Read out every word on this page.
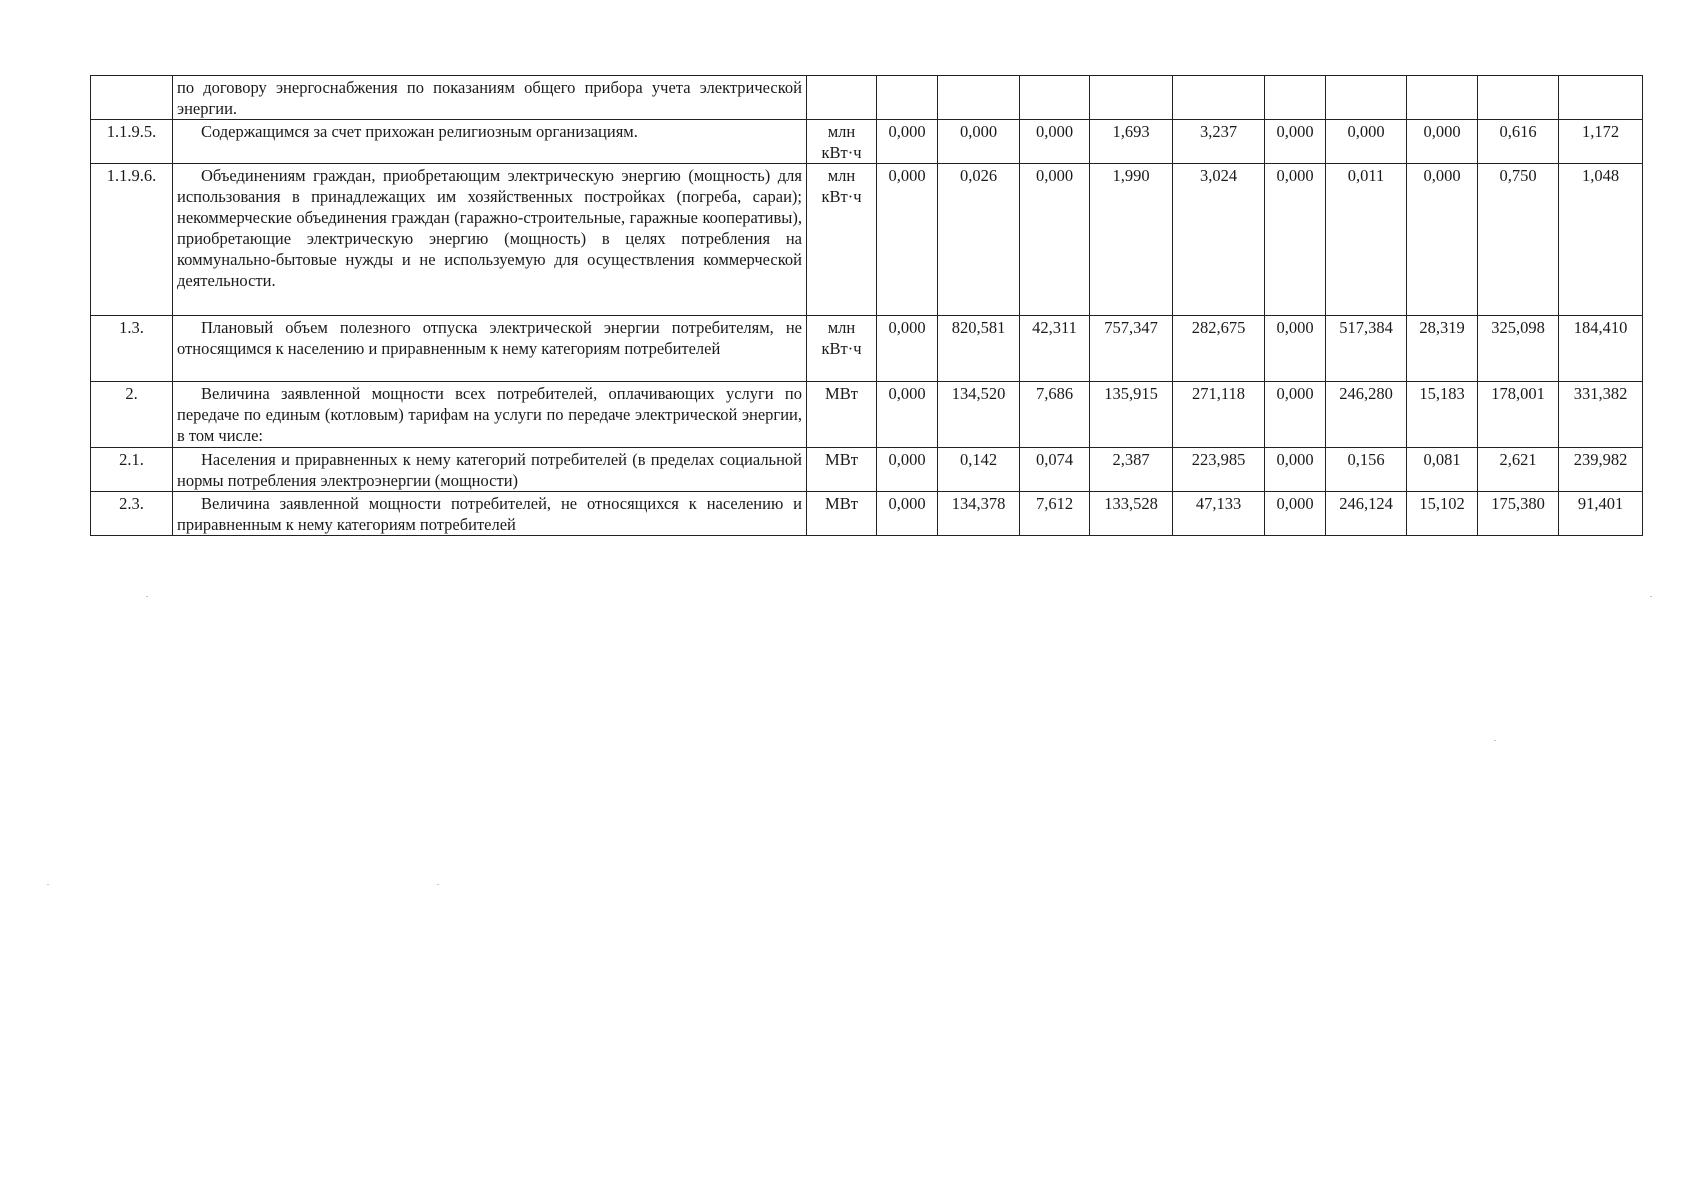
	по договору энергоснабжения по показаниям общего прибора учета электрической энергии.											
1.1.9.5.	Содержащимся за счет прихожан религиозным организациям.	млн кВт·ч	0,000	0,000	0,000	1,693	3,237	0,000	0,000	0,000	0,616	1,172
1.1.9.6.	Объединениям граждан, приобретающим электрическую энергию (мощность) для использования в принадлежащих им хозяйственных постройках (погреба, сараи); некоммерческие объединения граждан (гаражно-строительные, гаражные кооперативы), приобретающие электрическую энергию (мощность) в целях потребления на коммунально-бытовые нужды и не используемую для осуществления коммерческой деятельности.	млн кВт·ч	0,000	0,026	0,000	1,990	3,024	0,000	0,011	0,000	0,750	1,048
1.3.	Плановый объем полезного отпуска электрической энергии потребителям, не относящимся к населению и приравненным к нему категориям потребителей	млн кВт·ч	0,000	820,581	42,311	757,347	282,675	0,000	517,384	28,319	325,098	184,410
2.	Величина заявленной мощности всех потребителей, оплачивающих услуги по передаче по единым (котловым) тарифам на услуги по передаче электрической энергии, в том числе:	МВт	0,000	134,520	7,686	135,915	271,118	0,000	246,280	15,183	178,001	331,382
2.1.	Населения и приравненных к нему категорий потребителей (в пределах социальной нормы потребления электроэнергии (мощности)	МВт	0,000	0,142	0,074	2,387	223,985	0,000	0,156	0,081	2,621	239,982
2.3.	Величина заявленной мощности потребителей, не относящихся к населению и приравненным к нему категориям потребителей	МВт	0,000	134,378	7,612	133,528	47,133	0,000	246,124	15,102	175,380	91,401
